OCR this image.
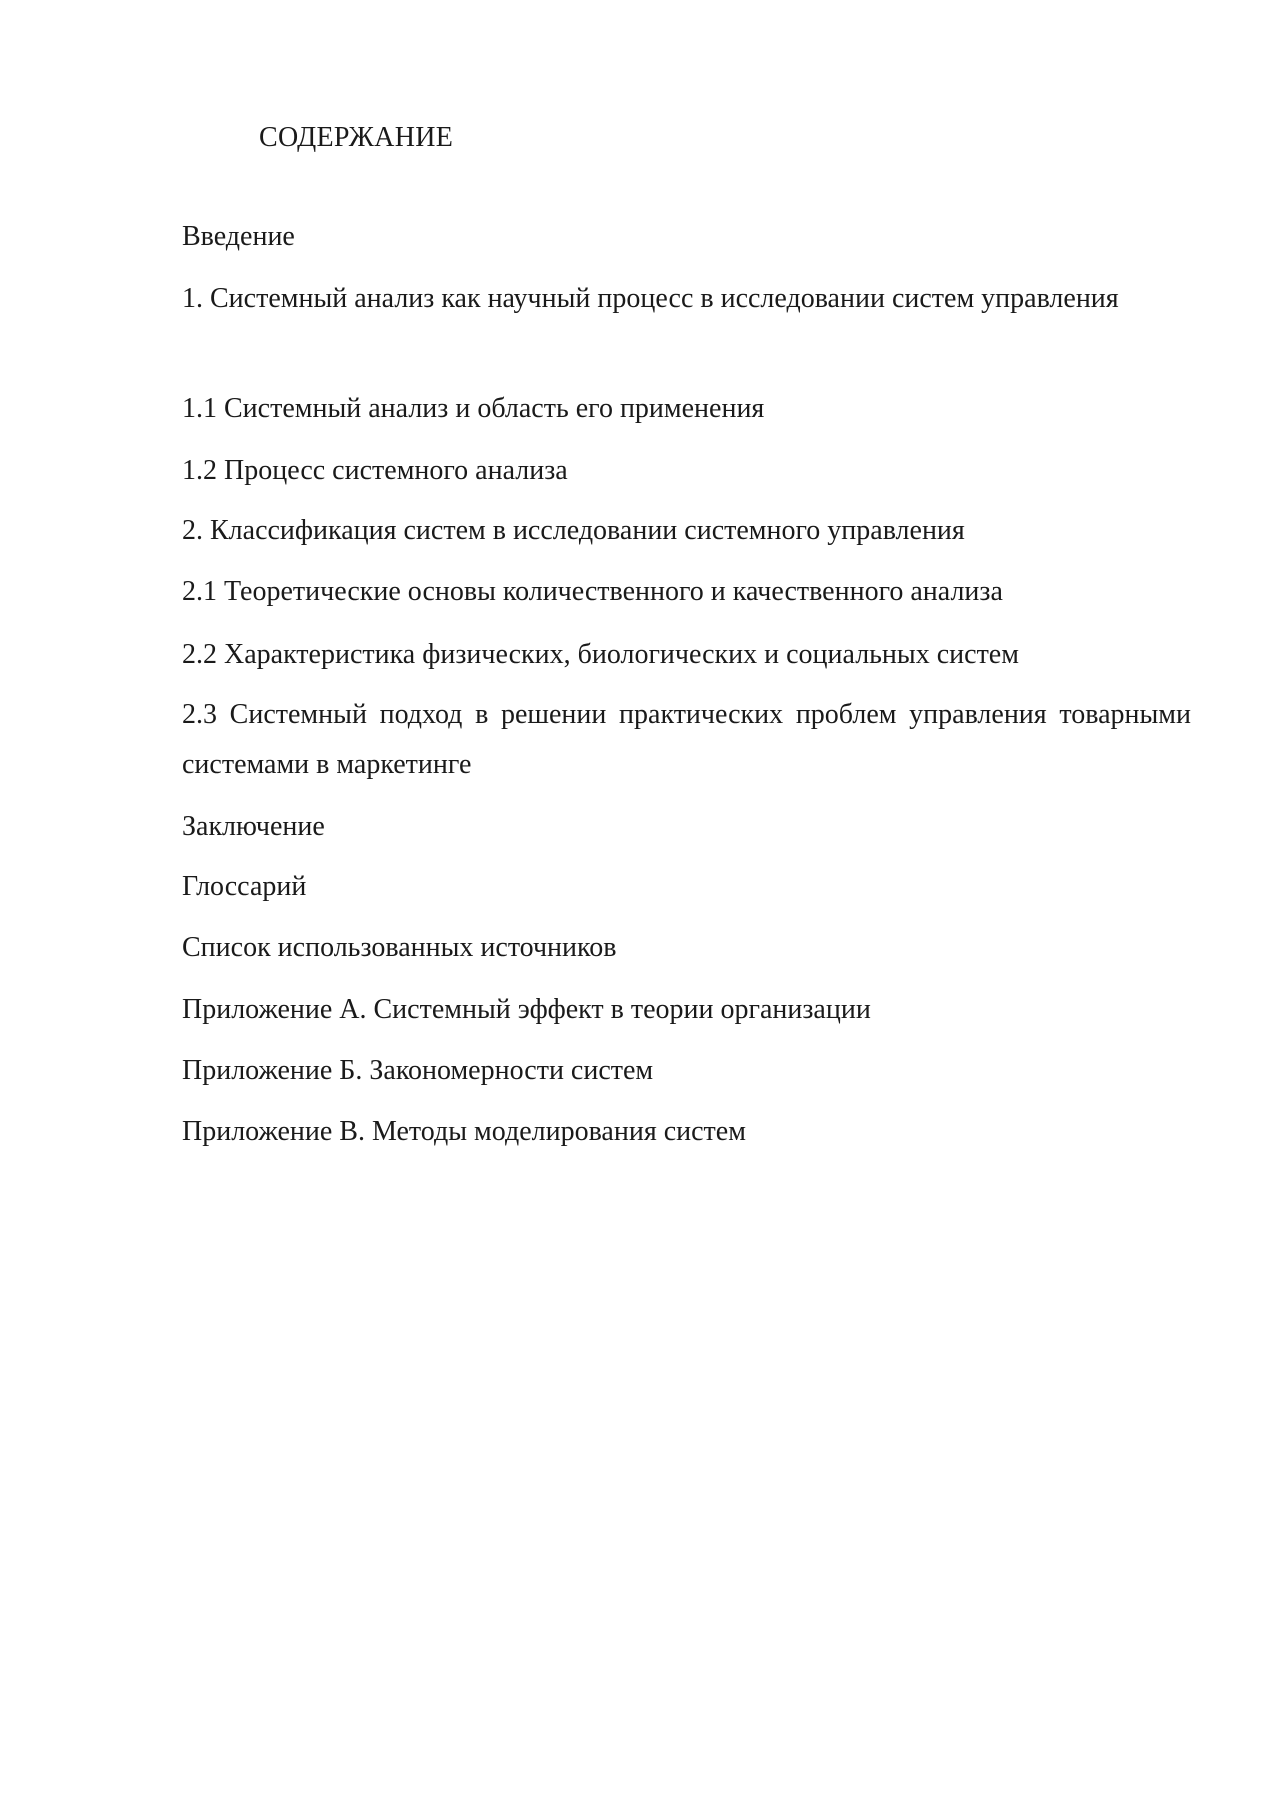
СОДЕРЖАНИЕ
Введение
1. Системный анализ как научный процесс в исследовании систем управления
1.1 Системный анализ и область его применения
1.2 Процесс системного анализа
2. Классификация систем в исследовании системного управления
2.1 Теоретические основы количественного и качественного анализа
2.2 Характеристика физических, биологических и социальных систем
2.3 Системный подход в решении практических проблем управления товарными системами в маркетинге
Заключение
Глоссарий
Список использованных источников
Приложение А. Системный эффект в теории организации
Приложение Б. Закономерности систем
Приложение В. Методы моделирования систем
